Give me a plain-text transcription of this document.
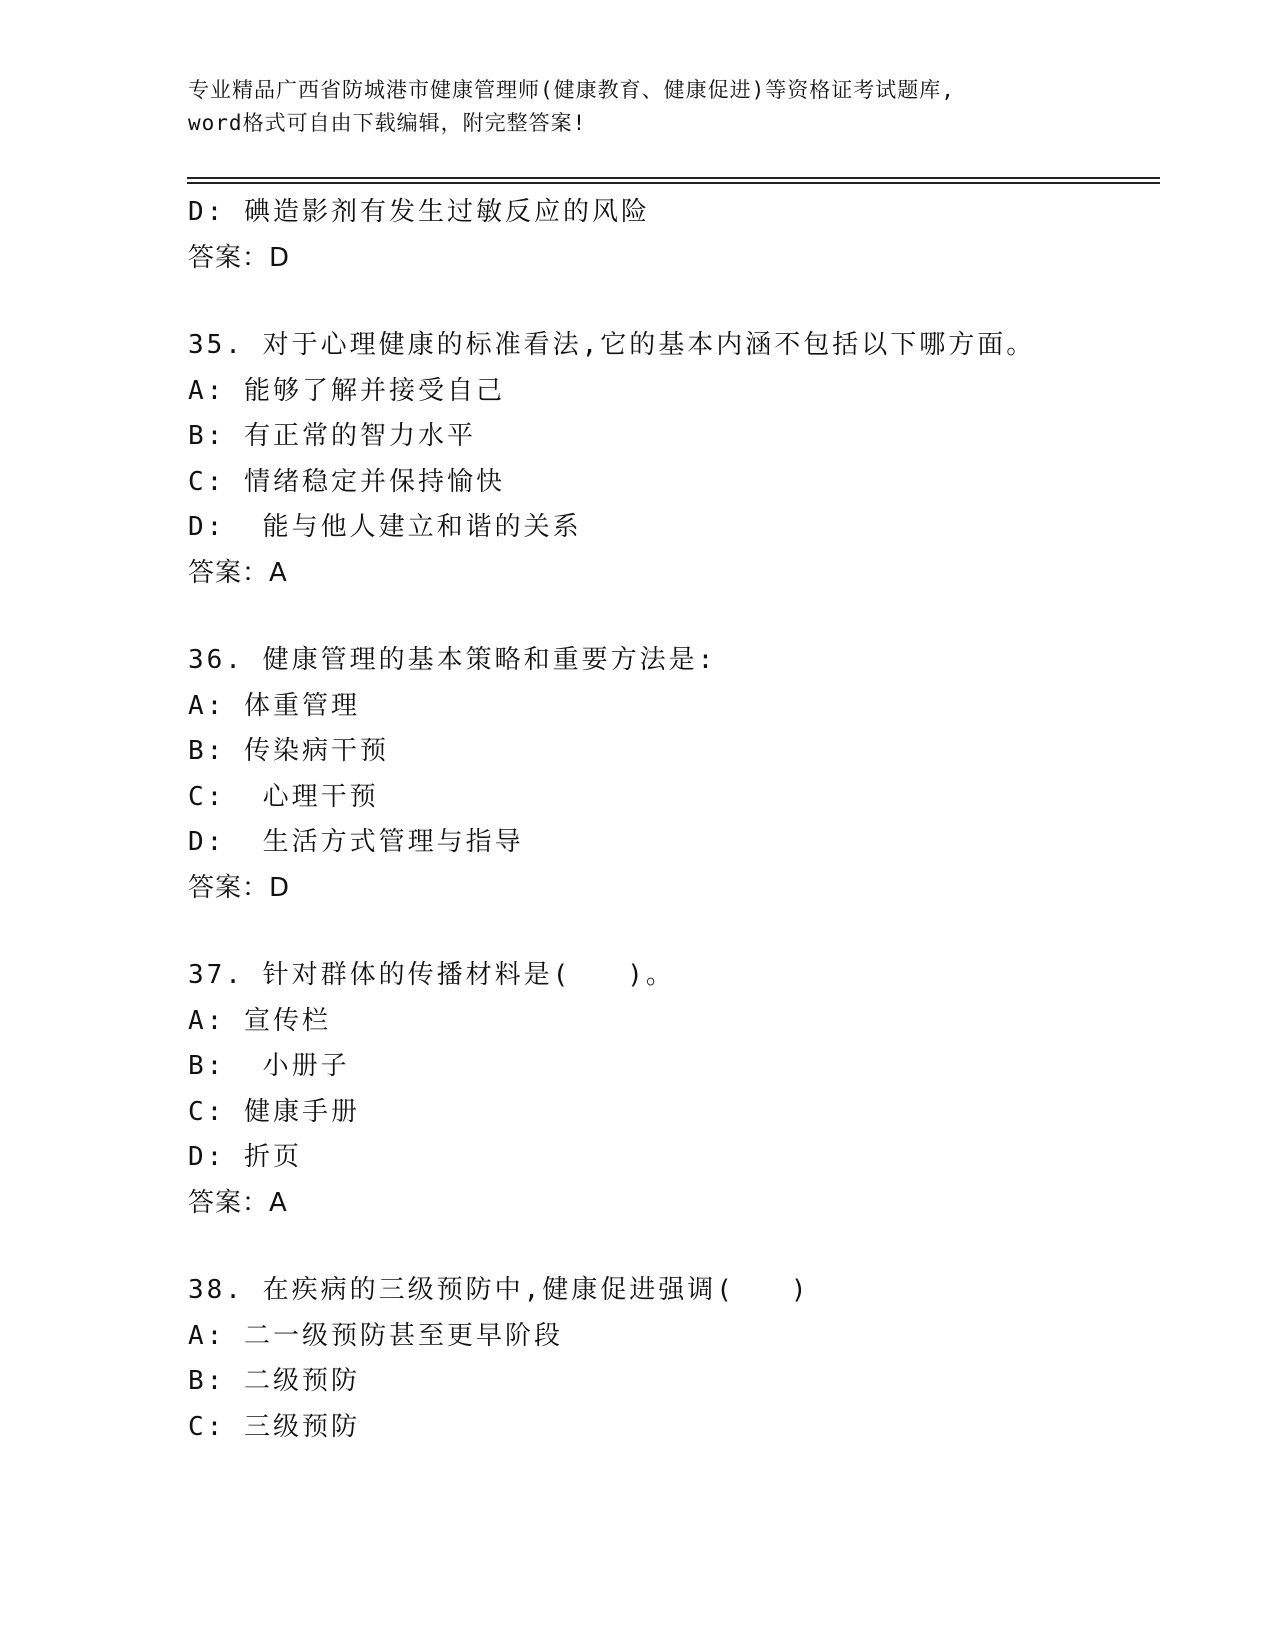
专业精品广西省防城港市健康管理师(健康教育、健康促进)等资格证考试题库,
word格式可自由下载编辑，附完整答案!
D: 碘造影剂有发生过敏反应的风险
答案：D
35. 对于心理健康的标准看法,它的基本内涵不包括以下哪方面。
A: 能够了解并接受自己
B: 有正常的智力水平
C: 情绪稳定并保持愉快
D:  能与他人建立和谐的关系
答案：A
36. 健康管理的基本策略和重要方法是:
A: 体重管理
B: 传染病干预
C:  心理干预
D:  生活方式管理与指导
答案：D
37. 针对群体的传播材料是(   )。
A: 宣传栏
B:  小册子
C: 健康手册
D: 折页
答案：A
38. 在疾病的三级预防中,健康促进强调(   )
A: 二一级预防甚至更早阶段
B: 二级预防
C: 三级预防
